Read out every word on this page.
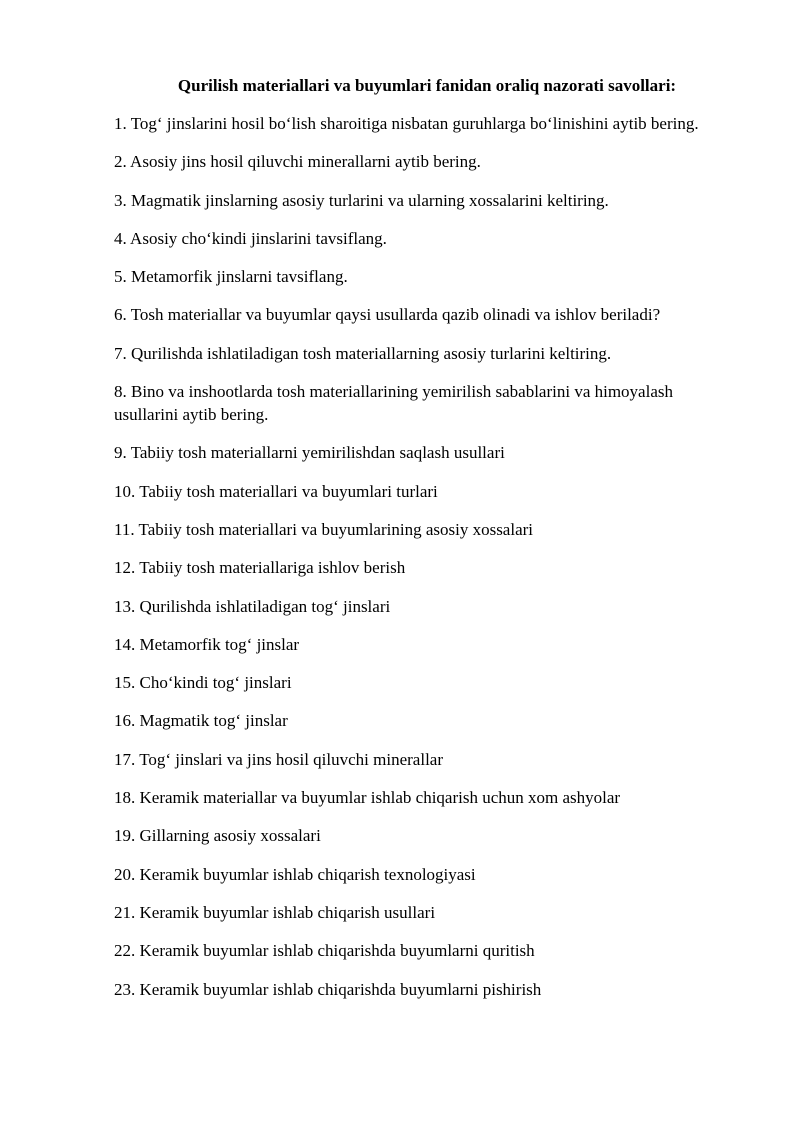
Qurilish materiallari va buyumlari fanidan oraliq nazorati savollari:
1. Tog‘ jinslarini hosil bo‘lish sharoitiga nisbatan guruhlarga bo‘linishini aytib bering.
2. Asosiy jins hosil qiluvchi minerallarni aytib bering.
3. Magmatik jinslarning asosiy turlarini va ularning xossalarini keltiring.
4. Asosiy cho‘kindi jinslarini tavsiflang.
5. Metamorfik jinslarni tavsiflang.
6. Tosh materiallar va buyumlar qaysi usullarda qazib olinadi va ishlov beriladi?
7. Qurilishda ishlatiladigan tosh materiallarning asosiy turlarini keltiring.
8. Bino va inshootlarda tosh materiallarining yemirilish sabablarini va himoyalash usullarini aytib bering.
9. Tabiiy tosh materiallarni yemirilishdan saqlash usullari
10. Tabiiy tosh materiallari va buyumlari turlari
11. Tabiiy tosh materiallari va buyumlarining asosiy xossalari
12. Tabiiy tosh materiallariga ishlov berish
13. Qurilishda ishlatiladigan tog‘ jinslari
14. Metamorfik tog‘ jinslar
15. Cho‘kindi tog‘ jinslari
16. Magmatik tog‘ jinslar
17. Tog‘ jinslari va jins hosil qiluvchi minerallar
18. Keramik materiallar va buyumlar ishlab chiqarish uchun xom ashyolar
19. Gillarning asosiy xossalari
20. Keramik buyumlar ishlab chiqarish texnologiyasi
21. Keramik buyumlar ishlab chiqarish usullari
22. Keramik buyumlar ishlab chiqarishda buyumlarni quritish
23. Keramik buyumlar ishlab chiqarishda buyumlarni pishirish
